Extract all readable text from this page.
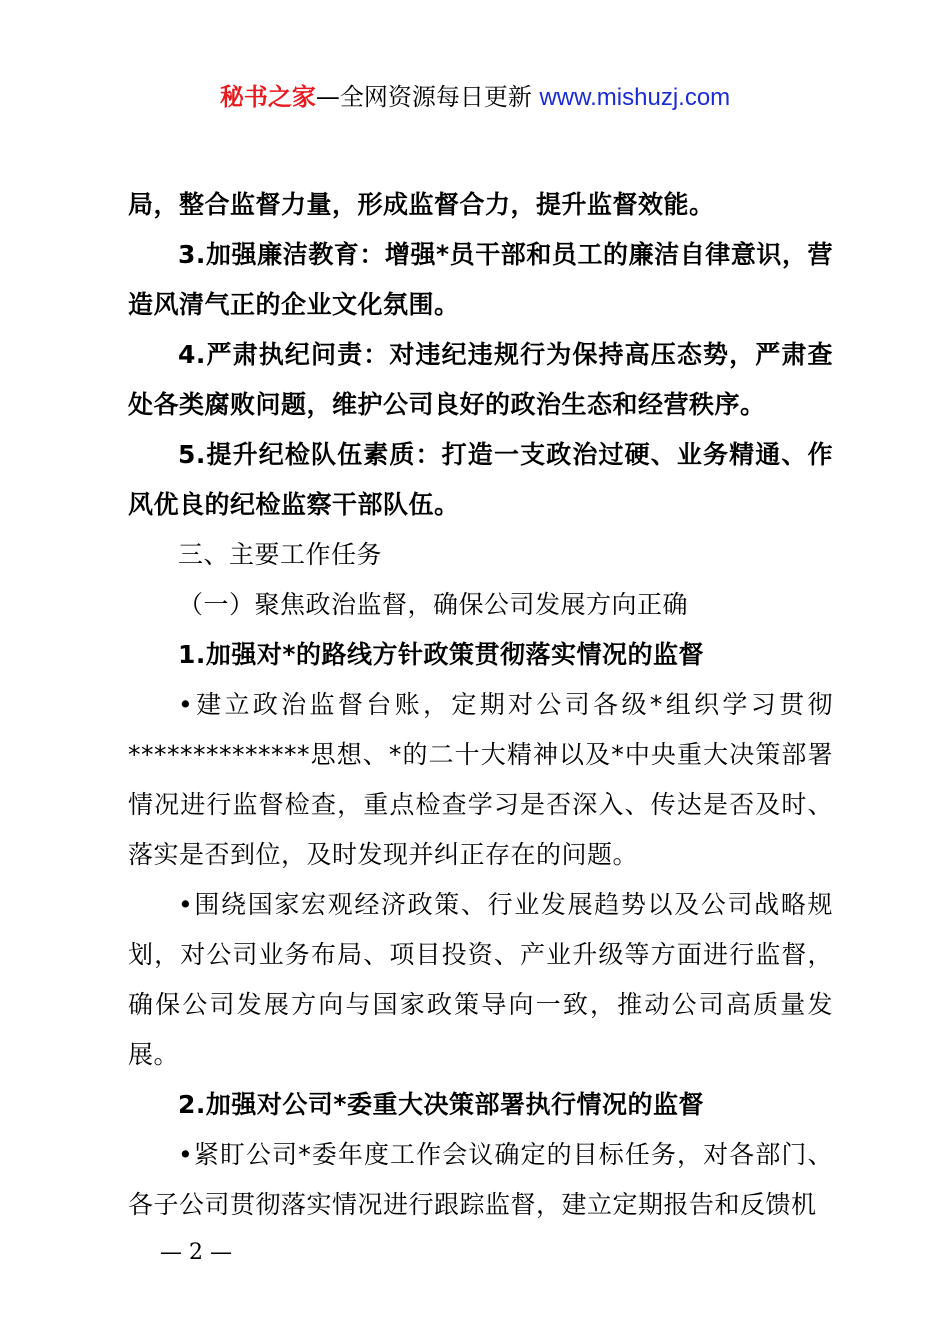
秘书之家—全网资源每日更新 www.mishuzj.com

局，整合监督力量，形成监督合力，提升监督效能。

3.加强廉洁教育：增强*员干部和员工的廉洁自律意识，营造风清气正的企业文化氛围。

4.严肃执纪问责：对违纪违规行为保持高压态势，严肃查处各类腐败问题，维护公司良好的政治生态和经营秩序。

5.提升纪检队伍素质：打造一支政治过硬、业务精通、作风优良的纪检监察干部队伍。

三、主要工作任务

（一）聚焦政治监督，确保公司发展方向正确

1.加强对*的路线方针政策贯彻落实情况的监督

•建立政治监督台账，定期对公司各级*组织学习贯彻**************思想、*的二十大精神以及*中央重大决策部署情况进行监督检查，重点检查学习是否深入、传达是否及时、落实是否到位，及时发现并纠正存在的问题。

•围绕国家宏观经济政策、行业发展趋势以及公司战略规划，对公司业务布局、项目投资、产业升级等方面进行监督，确保公司发展方向与国家政策导向一致，推动公司高质量发展。

2.加强对公司*委重大决策部署执行情况的监督

•紧盯公司*委年度工作会议确定的目标任务，对各部门、各子公司贯彻落实情况进行跟踪监督，建立定期报告和反馈机

— 2 —
